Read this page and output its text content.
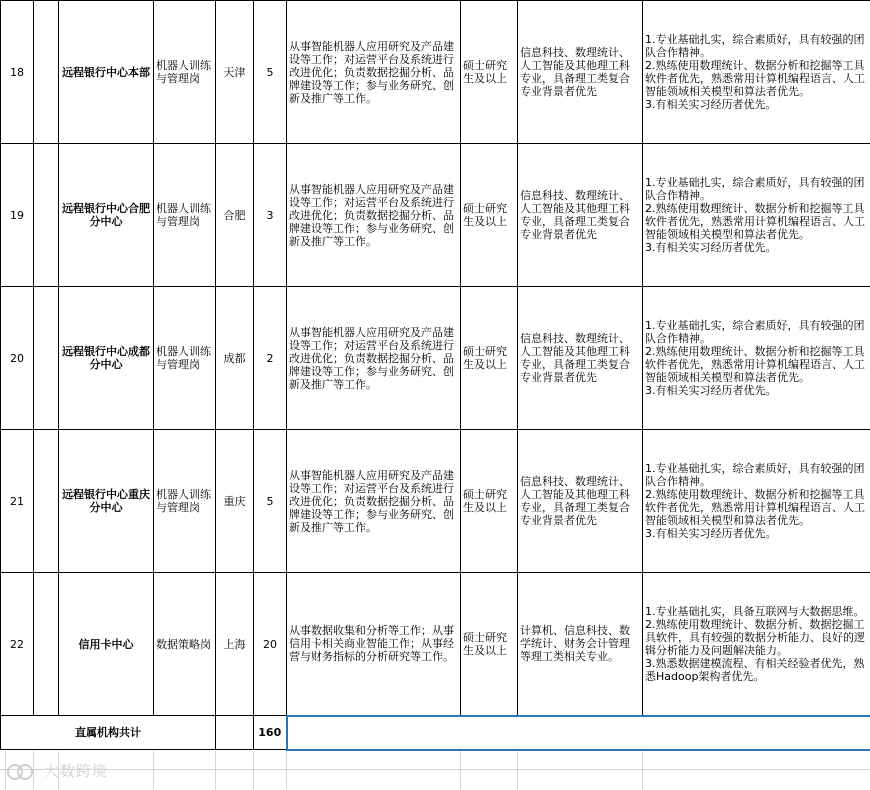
18		远程银行中心本部	机器人训练与管理岗	天津	5	从事智能机器人应用研究及产品建设等工作；对运营平台及系统进行改进优化；负责数据挖掘分析、品牌建设等工作；参与业务研究、创新及推广等工作。	硕士研究生及以上	信息科技、数理统计、人工智能及其他理工科专业，具备理工类复合专业背景者优先	1.专业基础扎实，综合素质好，具有较强的团队合作精神。
2.熟练使用数理统计、数据分析和挖掘等工具软件者优先，熟悉常用计算机编程语言、人工智能领域相关模型和算法者优先。
3.有相关实习经历者优先。

19		远程银行中心合肥分中心	机器人训练与管理岗	合肥	3	从事智能机器人应用研究及产品建设等工作；对运营平台及系统进行改进优化；负责数据挖掘分析、品牌建设等工作；参与业务研究、创新及推广等工作。	硕士研究生及以上	信息科技、数理统计、人工智能及其他理工科专业，具备理工类复合专业背景者优先	1.专业基础扎实，综合素质好，具有较强的团队合作精神。
2.熟练使用数理统计、数据分析和挖掘等工具软件者优先，熟悉常用计算机编程语言、人工智能领域相关模型和算法者优先。
3.有相关实习经历者优先。

20		远程银行中心成都分中心	机器人训练与管理岗	成都	2	从事智能机器人应用研究及产品建设等工作；对运营平台及系统进行改进优化；负责数据挖掘分析、品牌建设等工作；参与业务研究、创新及推广等工作。	硕士研究生及以上	信息科技、数理统计、人工智能及其他理工科专业，具备理工类复合专业背景者优先	1.专业基础扎实，综合素质好，具有较强的团队合作精神。
2.熟练使用数理统计、数据分析和挖掘等工具软件者优先，熟悉常用计算机编程语言、人工智能领域相关模型和算法者优先。
3.有相关实习经历者优先。

21		远程银行中心重庆分中心	机器人训练与管理岗	重庆	5	从事智能机器人应用研究及产品建设等工作；对运营平台及系统进行改进优化；负责数据挖掘分析、品牌建设等工作；参与业务研究、创新及推广等工作。	硕士研究生及以上	信息科技、数理统计、人工智能及其他理工科专业，具备理工类复合专业背景者优先	1.专业基础扎实，综合素质好，具有较强的团队合作精神。
2.熟练使用数理统计、数据分析和挖掘等工具软件者优先，熟悉常用计算机编程语言、人工智能领域相关模型和算法者优先。
3.有相关实习经历者优先。

22		信用卡中心	数据策略岗	上海	20	从事数据收集和分析等工作；从事信用卡相关商业智能工作；从事经营与财务指标的分析研究等工作。	硕士研究生及以上	计算机、信息科技、数学统计、财务会计管理等理工类相关专业。	1.专业基础扎实，具备互联网与大数据思维。
2.熟练使用数理统计、数据分析、数据挖掘工具软件，具有较强的数据分析能力、良好的逻辑分析能力及问题解决能力。
3.熟悉数据建模流程、有相关经验者优先，熟悉Hadoop架构者优先。

直属机构共计					160				
大数跨境
